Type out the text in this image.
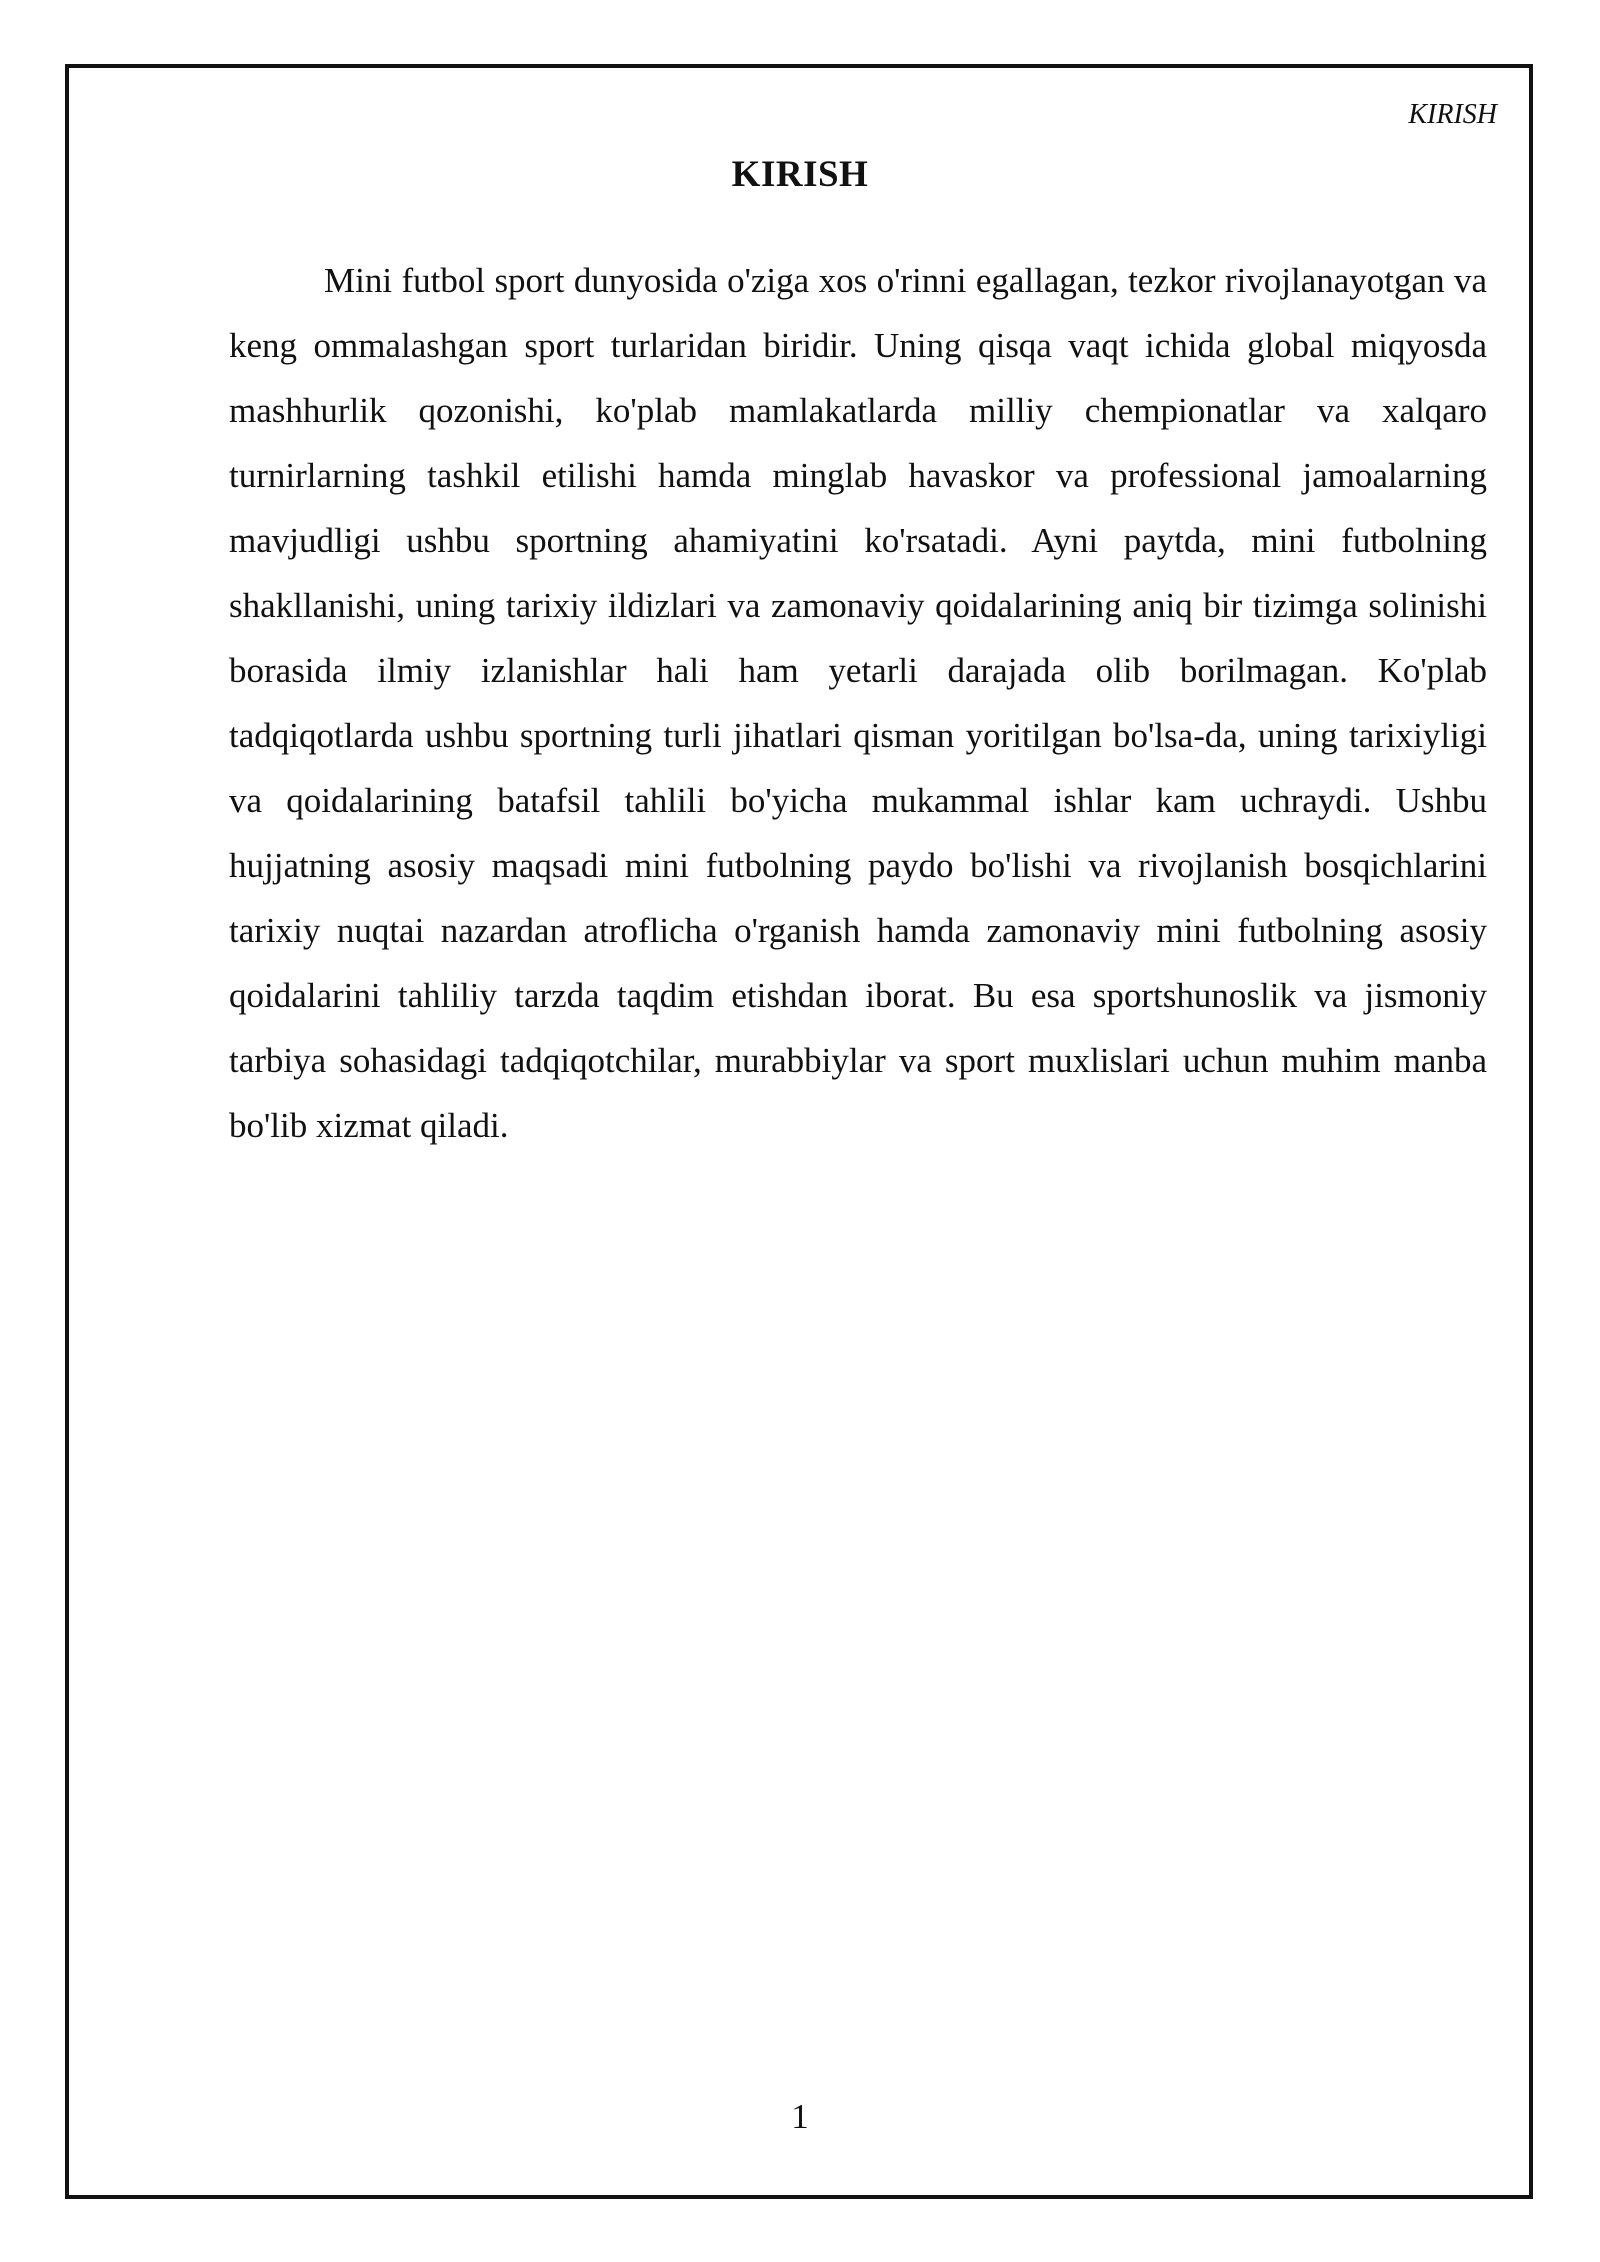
KIRISH
KIRISH

Mini futbol sport dunyosida o'ziga xos o'rinni egallagan, tezkor rivojlanayotgan va keng ommalashgan sport turlaridan biridir. Uning qisqa vaqt ichida global miqyosda mashhurlik qozonishi, ko'plab mamlakatlarda milliy chempionatlar va xalqaro turnirlarning tashkil etilishi hamda minglab havaskor va professional jamoalarning mavjudligi ushbu sportning ahamiyatini ko'rsatadi. Ayni paytda, mini futbolning shakllanishi, uning tarixiy ildizlari va zamonaviy qoidalarining aniq bir tizimga solinishi borasida ilmiy izlanishlar hali ham yetarli darajada olib borilmagan. Ko'plab tadqiqotlarda ushbu sportning turli jihatlari qisman yoritilgan bo'lsa-da, uning tarixiyligi va qoidalarining batafsil tahlili bo'yicha mukammal ishlar kam uchraydi. Ushbu hujjatning asosiy maqsadi mini futbolning paydo bo'lishi va rivojlanish bosqichlarini tarixiy nuqtai nazardan atroflicha o'rganish hamda zamonaviy mini futbolning asosiy qoidalarini tahliliy tarzda taqdim etishdan iborat. Bu esa sportshunoslik va jismoniy tarbiya sohasidagi tadqiqotchilar, murabbiylar va sport muxlislari uchun muhim manba bo'lib xizmat qiladi.

1
